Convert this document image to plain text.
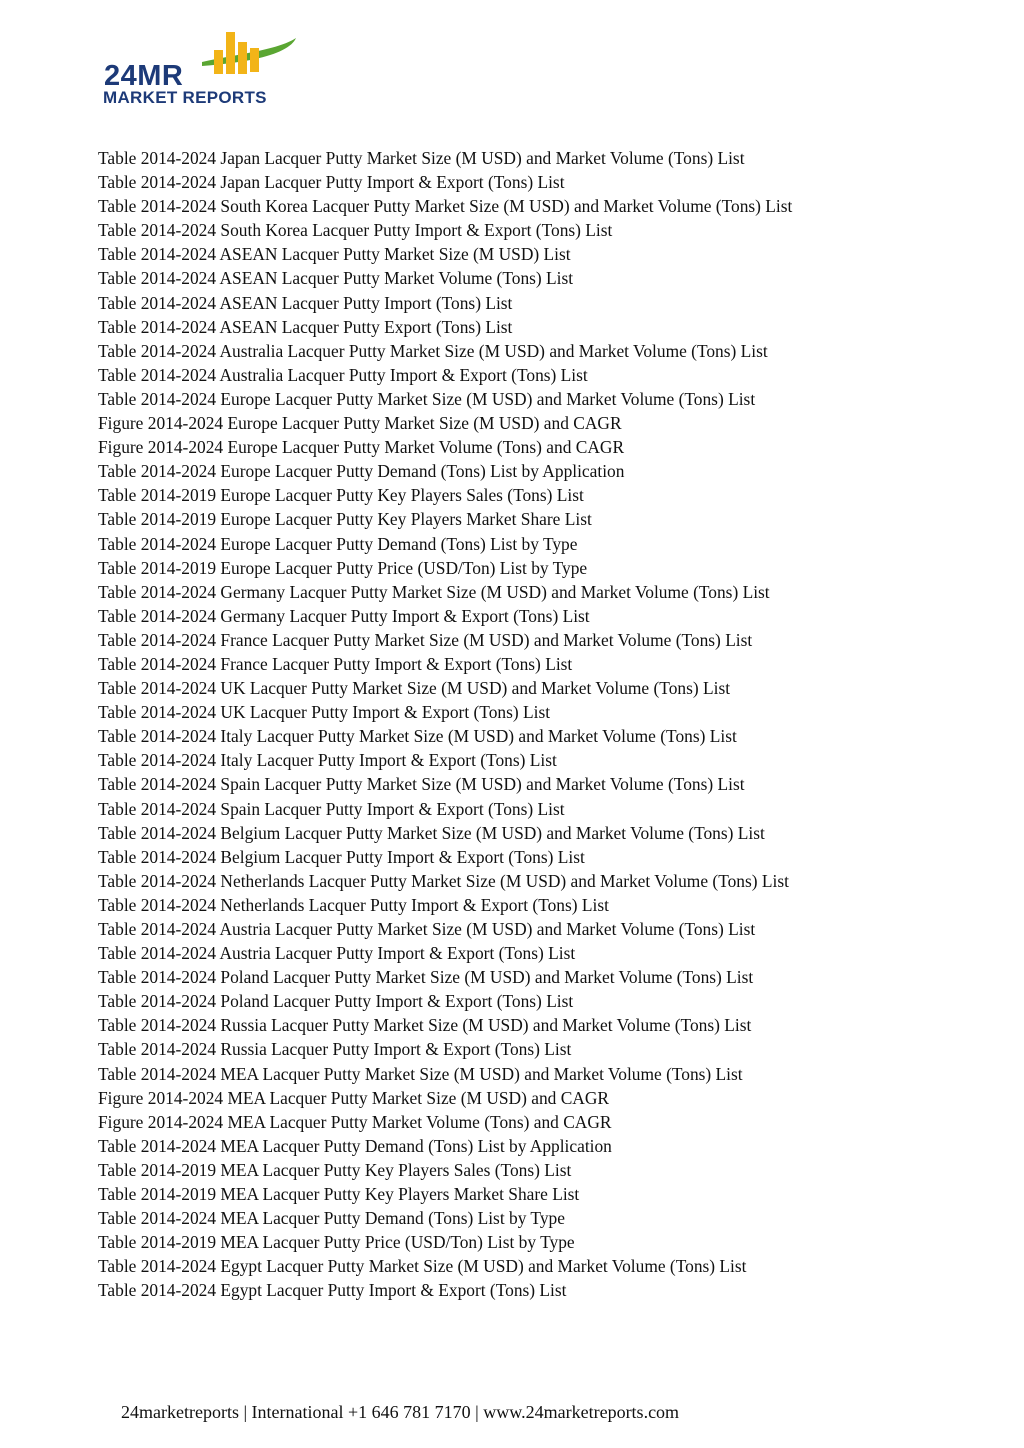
24MR
MARKET REPORTS
Table 2014-2024 Japan Lacquer Putty Market Size (M USD) and Market Volume (Tons) List
Table 2014-2024 Japan Lacquer Putty Import & Export (Tons) List
Table 2014-2024 South Korea Lacquer Putty Market Size (M USD) and Market Volume (Tons) List
Table 2014-2024 South Korea Lacquer Putty Import & Export (Tons) List
Table 2014-2024 ASEAN Lacquer Putty Market Size (M USD) List
Table 2014-2024 ASEAN Lacquer Putty Market Volume (Tons) List
Table 2014-2024 ASEAN Lacquer Putty Import (Tons) List
Table 2014-2024 ASEAN Lacquer Putty Export (Tons) List
Table 2014-2024 Australia Lacquer Putty Market Size (M USD) and Market Volume (Tons) List
Table 2014-2024 Australia Lacquer Putty Import & Export (Tons) List
Table 2014-2024 Europe Lacquer Putty Market Size (M USD) and Market Volume (Tons) List
Figure 2014-2024 Europe Lacquer Putty Market Size (M USD) and CAGR
Figure 2014-2024 Europe Lacquer Putty Market Volume (Tons) and CAGR
Table 2014-2024 Europe Lacquer Putty Demand (Tons) List by Application
Table 2014-2019 Europe Lacquer Putty Key Players Sales (Tons) List
Table 2014-2019 Europe Lacquer Putty Key Players Market Share List
Table 2014-2024 Europe Lacquer Putty Demand (Tons) List by Type
Table 2014-2019 Europe Lacquer Putty Price (USD/Ton) List by Type
Table 2014-2024 Germany Lacquer Putty Market Size (M USD) and Market Volume (Tons) List
Table 2014-2024 Germany Lacquer Putty Import & Export (Tons) List
Table 2014-2024 France Lacquer Putty Market Size (M USD) and Market Volume (Tons) List
Table 2014-2024 France Lacquer Putty Import & Export (Tons) List
Table 2014-2024 UK Lacquer Putty Market Size (M USD) and Market Volume (Tons) List
Table 2014-2024 UK Lacquer Putty Import & Export (Tons) List
Table 2014-2024 Italy Lacquer Putty Market Size (M USD) and Market Volume (Tons) List
Table 2014-2024 Italy Lacquer Putty Import & Export (Tons) List
Table 2014-2024 Spain Lacquer Putty Market Size (M USD) and Market Volume (Tons) List
Table 2014-2024 Spain Lacquer Putty Import & Export (Tons) List
Table 2014-2024 Belgium Lacquer Putty Market Size (M USD) and Market Volume (Tons) List
Table 2014-2024 Belgium Lacquer Putty Import & Export (Tons) List
Table 2014-2024 Netherlands Lacquer Putty Market Size (M USD) and Market Volume (Tons) List
Table 2014-2024 Netherlands Lacquer Putty Import & Export (Tons) List
Table 2014-2024 Austria Lacquer Putty Market Size (M USD) and Market Volume (Tons) List
Table 2014-2024 Austria Lacquer Putty Import & Export (Tons) List
Table 2014-2024 Poland Lacquer Putty Market Size (M USD) and Market Volume (Tons) List
Table 2014-2024 Poland Lacquer Putty Import & Export (Tons) List
Table 2014-2024 Russia Lacquer Putty Market Size (M USD) and Market Volume (Tons) List
Table 2014-2024 Russia Lacquer Putty Import & Export (Tons) List
Table 2014-2024 MEA Lacquer Putty Market Size (M USD) and Market Volume (Tons) List
Figure 2014-2024 MEA Lacquer Putty Market Size (M USD) and CAGR
Figure 2014-2024 MEA Lacquer Putty Market Volume (Tons) and CAGR
Table 2014-2024 MEA Lacquer Putty Demand (Tons) List by Application
Table 2014-2019 MEA Lacquer Putty Key Players Sales (Tons) List
Table 2014-2019 MEA Lacquer Putty Key Players Market Share List
Table 2014-2024 MEA Lacquer Putty Demand (Tons) List by Type
Table 2014-2019 MEA Lacquer Putty Price (USD/Ton) List by Type
Table 2014-2024 Egypt Lacquer Putty Market Size (M USD) and Market Volume (Tons) List
Table 2014-2024 Egypt Lacquer Putty Import & Export (Tons) List
24marketreports | International +1 646 781 7170 | www.24marketreports.com
